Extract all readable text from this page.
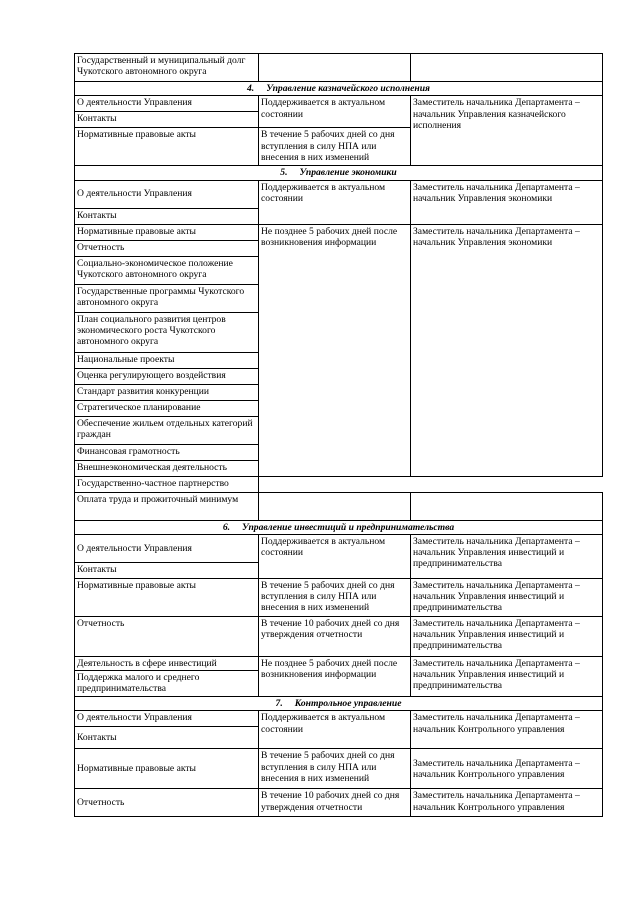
Государственный и муниципальный долг Чукотского автономного округа		
4. Управление казначейского исполнения		
О деятельности Управления	Поддерживается в актуальном состоянии	Заместитель начальника Департамента – начальник Управления казначейского исполнения
Контакты		
Нормативные правовые акты	В течение 5 рабочих дней со дня вступления в силу НПА или внесения в них изменений	
5. Управление экономики		
О деятельности Управления	Поддерживается в актуальном состоянии	Заместитель начальника Департамента – начальник Управления экономики
Контакты		
Нормативные правовые акты	Не позднее 5 рабочих дней после возникновения информации	Заместитель начальника Департамента – начальник Управления экономики
Отчетность		
Социально-экономическое положение Чукотского автономного округа		
Государственные программы Чукотского автономного округа		
План социального развития центров экономического роста Чукотского автономного округа		
Национальные проекты		
Оценка регулирующего воздействия		
Стандарт развития конкуренции		
Стратегическое планирование		
Обеспечение жильем отдельных категорий граждан		
Финансовая грамотность		
Внешнеэкономическая деятельность		
Государственно-частное партнерство		
Оплата труда и прожиточный минимум		
6. Управление инвестиций и предпринимательства		
О деятельности Управления	Поддерживается в актуальном состоянии	Заместитель начальника Департамента – начальник Управления инвестиций и предпринимательства
Контакты		
Нормативные правовые акты	В течение 5 рабочих дней со дня вступления в силу НПА или внесения в них изменений	Заместитель начальника Департамента – начальник Управления инвестиций и предпринимательства
Отчетность	В течение 10 рабочих дней со дня утверждения отчетности	Заместитель начальника Департамента – начальник Управления инвестиций и предпринимательства
Деятельность в сфере инвестиций	Не позднее 5 рабочих дней после возникновения информации	Заместитель начальника Департамента – начальник Управления инвестиций и предпринимательства
Поддержка малого и среднего предпринимательства		
7. Контрольное управление		
О деятельности Управления	Поддерживается в актуальном состоянии	Заместитель начальника Департамента – начальник Контрольного управления
Контакты		
Нормативные правовые акты	В течение 5 рабочих дней со дня вступления в силу НПА или внесения в них изменений	Заместитель начальника Департамента – начальник Контрольного управления
Отчетность	В течение 10 рабочих дней со дня утверждения отчетности	Заместитель начальника Департамента – начальник Контрольного управления
